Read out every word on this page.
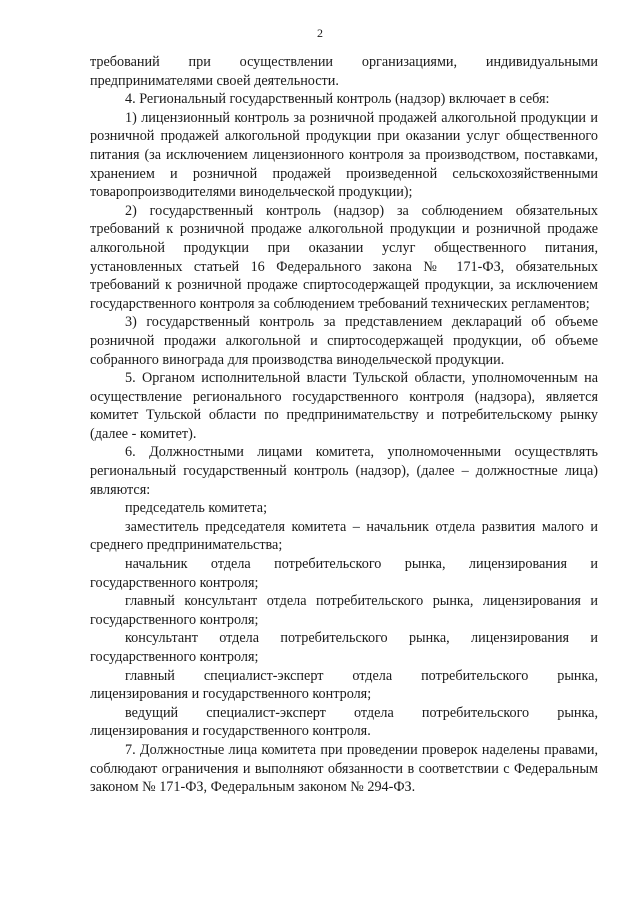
2

требований при осуществлении организациями, индивидуальными предпринимателями своей деятельности.

4. Региональный государственный контроль (надзор) включает в себя:

1) лицензионный контроль за розничной продажей алкогольной продукции и розничной продажей алкогольной продукции при оказании услуг общественного питания (за исключением лицензионного контроля за производством, поставками, хранением и розничной продажей произведенной сельскохозяйственными товаропроизводителями винодельческой продукции);

2) государственный контроль (надзор) за соблюдением обязательных требований к розничной продаже алкогольной продукции и розничной продаже алкогольной продукции при оказании услуг общественного питания, установленных статьей 16 Федерального закона № 171-ФЗ, обязательных требований к розничной продаже спиртосодержащей продукции, за исключением государственного контроля за соблюдением требований технических регламентов;

3) государственный контроль за представлением деклараций об объеме розничной продажи алкогольной и спиртосодержащей продукции, об объеме собранного винограда для производства винодельческой продукции.

5. Органом исполнительной власти Тульской области, уполномоченным на осуществление регионального государственного контроля (надзора), является комитет Тульской области по предпринимательству и потребительскому рынку (далее - комитет).

6. Должностными лицами комитета, уполномоченными осуществлять региональный государственный контроль (надзор), (далее – должностные лица) являются:

председатель комитета;

заместитель председателя комитета – начальник отдела развития малого и среднего предпринимательства;

начальник отдела потребительского рынка, лицензирования и государственного контроля;

главный консультант отдела потребительского рынка, лицензирования и государственного контроля;

консультант отдела потребительского рынка, лицензирования и государственного контроля;

главный специалист-эксперт отдела потребительского рынка, лицензирования и государственного контроля;

ведущий специалист-эксперт отдела потребительского рынка, лицензирования и государственного контроля.

7. Должностные лица комитета при проведении проверок наделены правами, соблюдают ограничения и выполняют обязанности в соответствии с Федеральным законом № 171-ФЗ, Федеральным законом № 294-ФЗ.
